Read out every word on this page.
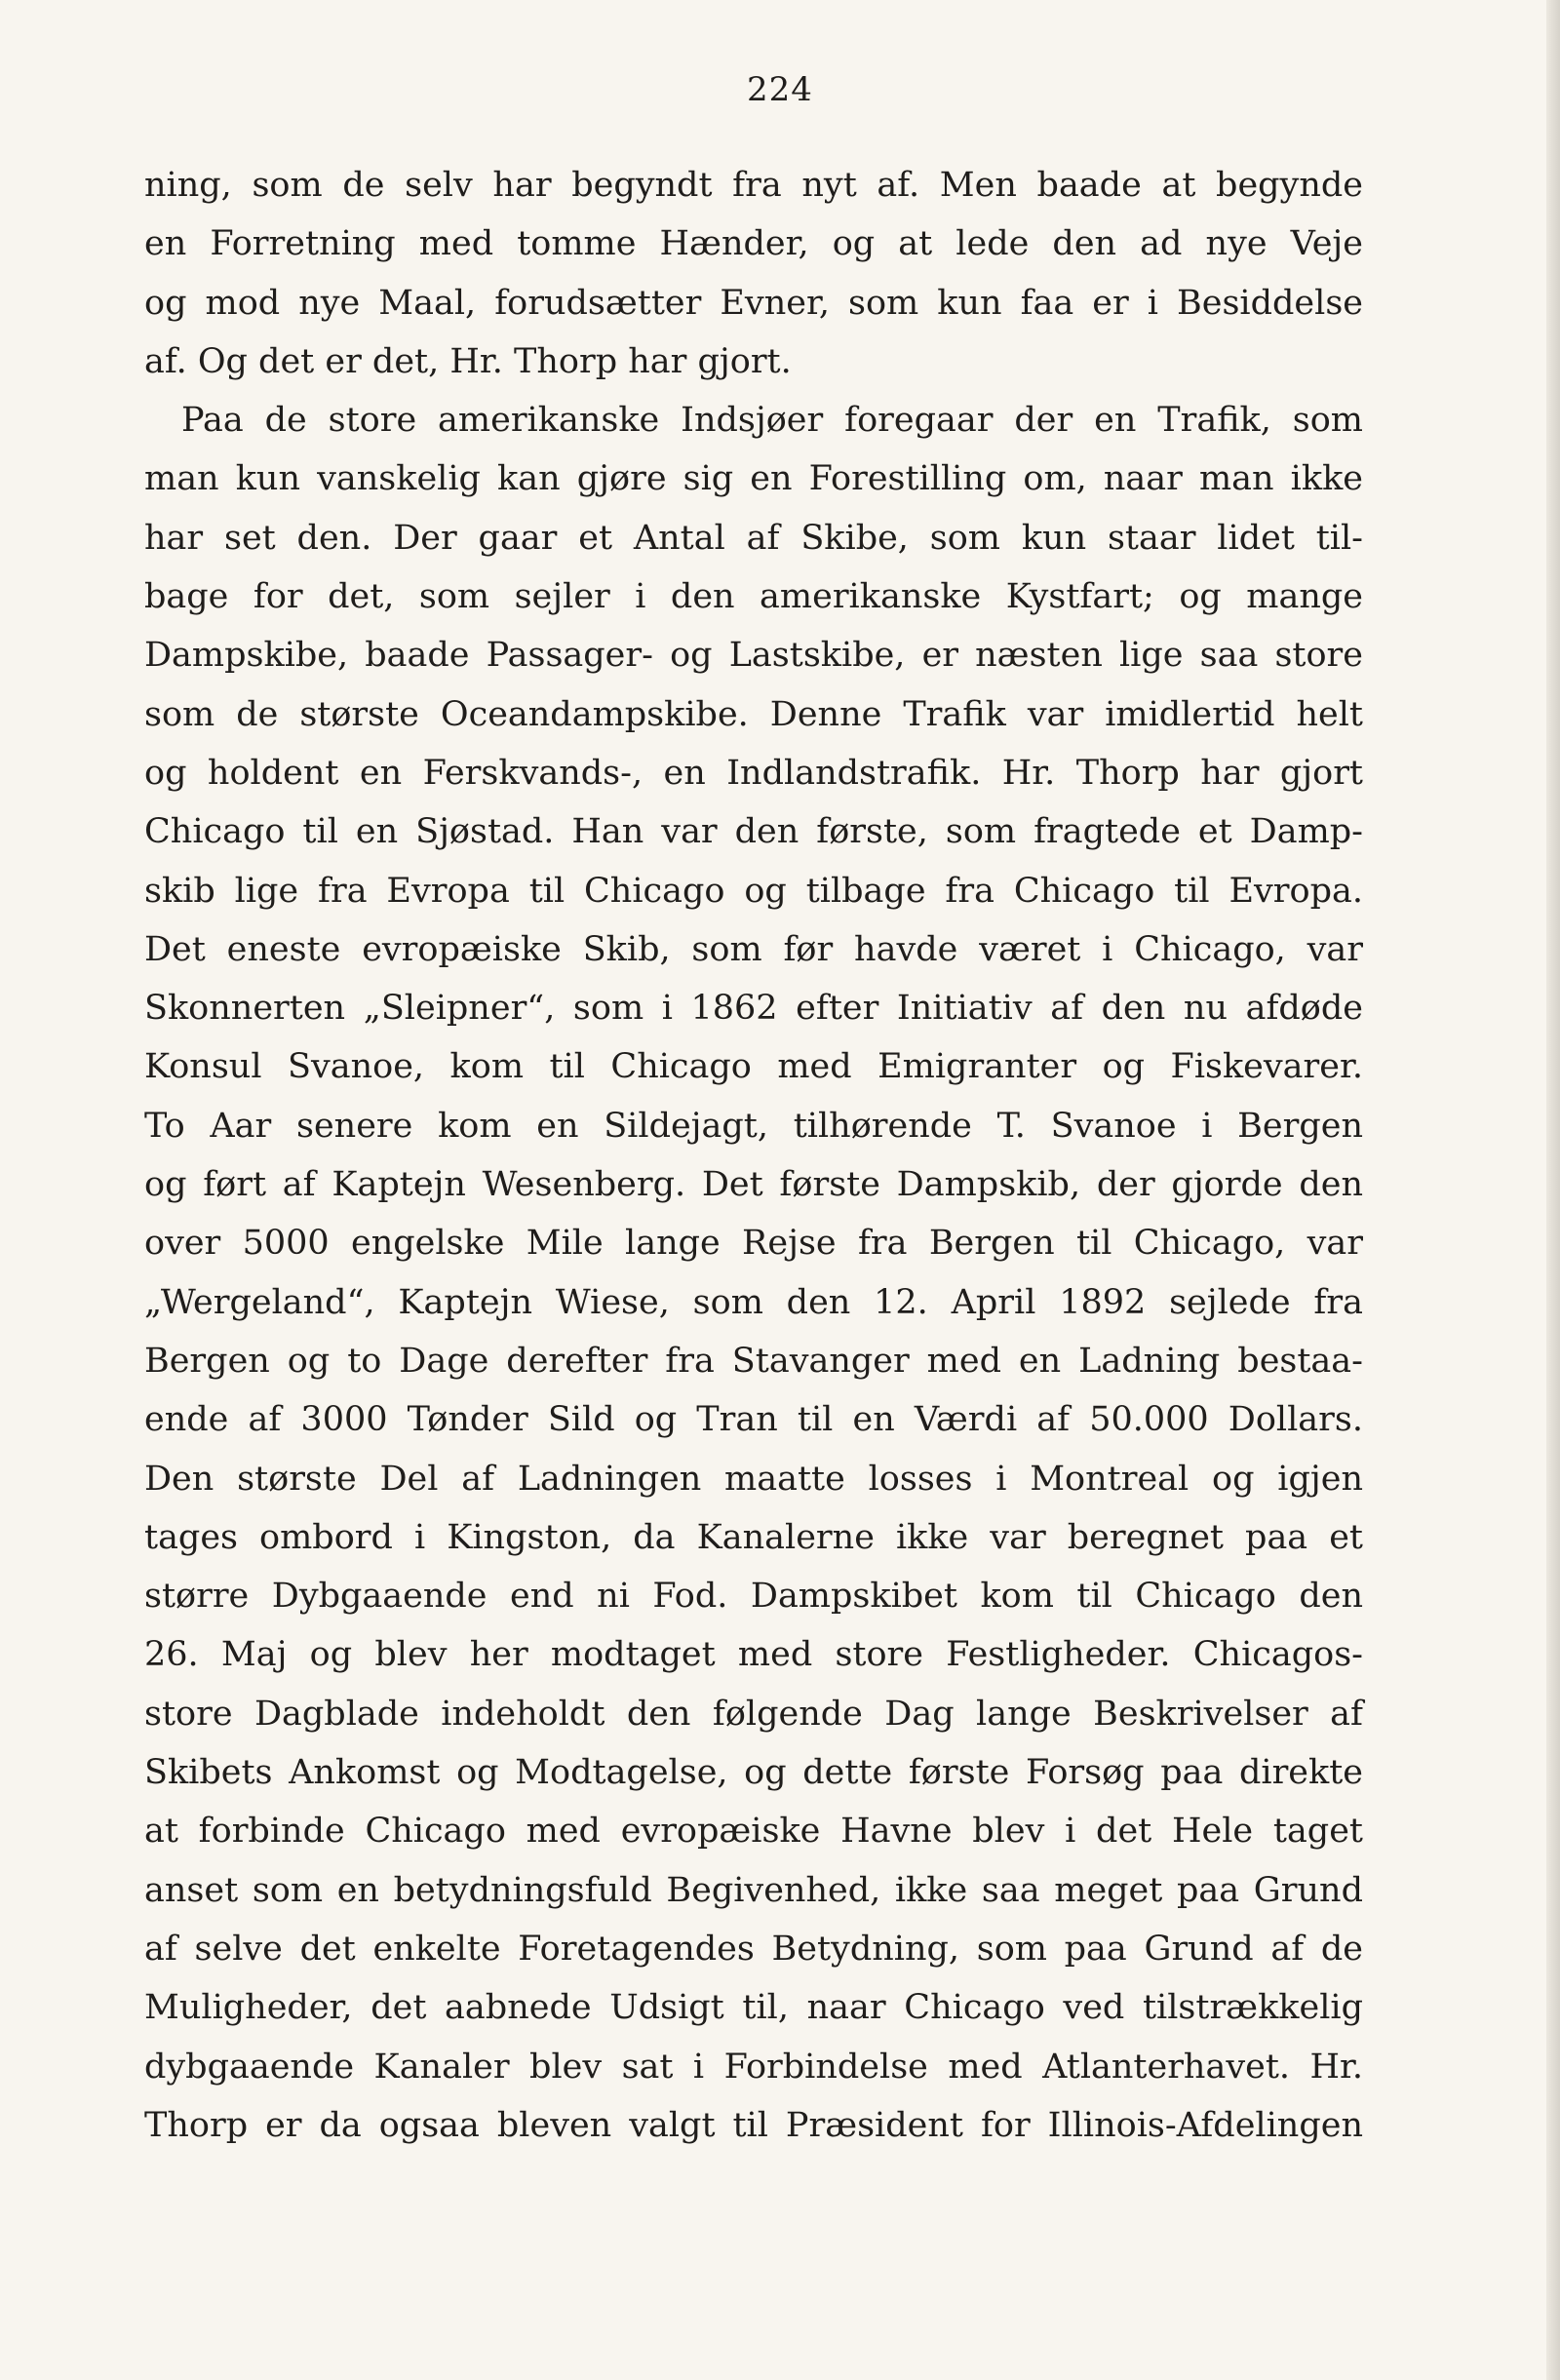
224
ning, som de selv har begyndt fra nyt af. Men baade at begynde
en Forretning med tomme Hænder, og at lede den ad nye Veje
og mod nye Maal, forudsætter Evner, som kun faa er i Besiddelse
af. Og det er det, Hr. Thorp har gjort.
Paa de store amerikanske Indsjøer foregaar der en Trafik, som
man kun vanskelig kan gjøre sig en Forestilling om, naar man ikke
har set den. Der gaar et Antal af Skibe, som kun staar lidet til-
bage for det, som sejler i den amerikanske Kystfart; og mange
Dampskibe, baade Passager- og Lastskibe, er næsten lige saa store
som de største Oceandampskibe. Denne Trafik var imidlertid helt
og holdent en Ferskvands-, en Indlandstrafik. Hr. Thorp har gjort
Chicago til en Sjøstad. Han var den første, som fragtede et Damp-
skib lige fra Evropa til Chicago og tilbage fra Chicago til Evropa.
Det eneste evropæiske Skib, som før havde været i Chicago, var
Skonnerten „Sleipner“, som i 1862 efter Initiativ af den nu afdøde
Konsul Svanoe, kom til Chicago med Emigranter og Fiskevarer.
To Aar senere kom en Sildejagt, tilhørende T. Svanoe i Bergen
og ført af Kaptejn Wesenberg. Det første Dampskib, der gjorde den
over 5000 engelske Mile lange Rejse fra Bergen til Chicago, var
„Wergeland“, Kaptejn Wiese, som den 12. April 1892 sejlede fra
Bergen og to Dage derefter fra Stavanger med en Ladning bestaa-
ende af 3000 Tønder Sild og Tran til en Værdi af 50.000 Dollars.
Den største Del af Ladningen maatte losses i Montreal og igjen
tages ombord i Kingston, da Kanalerne ikke var beregnet paa et
større Dybgaaende end ni Fod. Dampskibet kom til Chicago den
26. Maj og blev her modtaget med store Festligheder. Chicagos-
store Dagblade indeholdt den følgende Dag lange Beskrivelser af
Skibets Ankomst og Modtagelse, og dette første Forsøg paa direkte
at forbinde Chicago med evropæiske Havne blev i det Hele taget
anset som en betydningsfuld Begivenhed, ikke saa meget paa Grund
af selve det enkelte Foretagendes Betydning, som paa Grund af de
Muligheder, det aabnede Udsigt til, naar Chicago ved tilstrækkelig
dybgaaende Kanaler blev sat i Forbindelse med Atlanterhavet. Hr.
Thorp er da ogsaa bleven valgt til Præsident for Illinois-Afdelingen
